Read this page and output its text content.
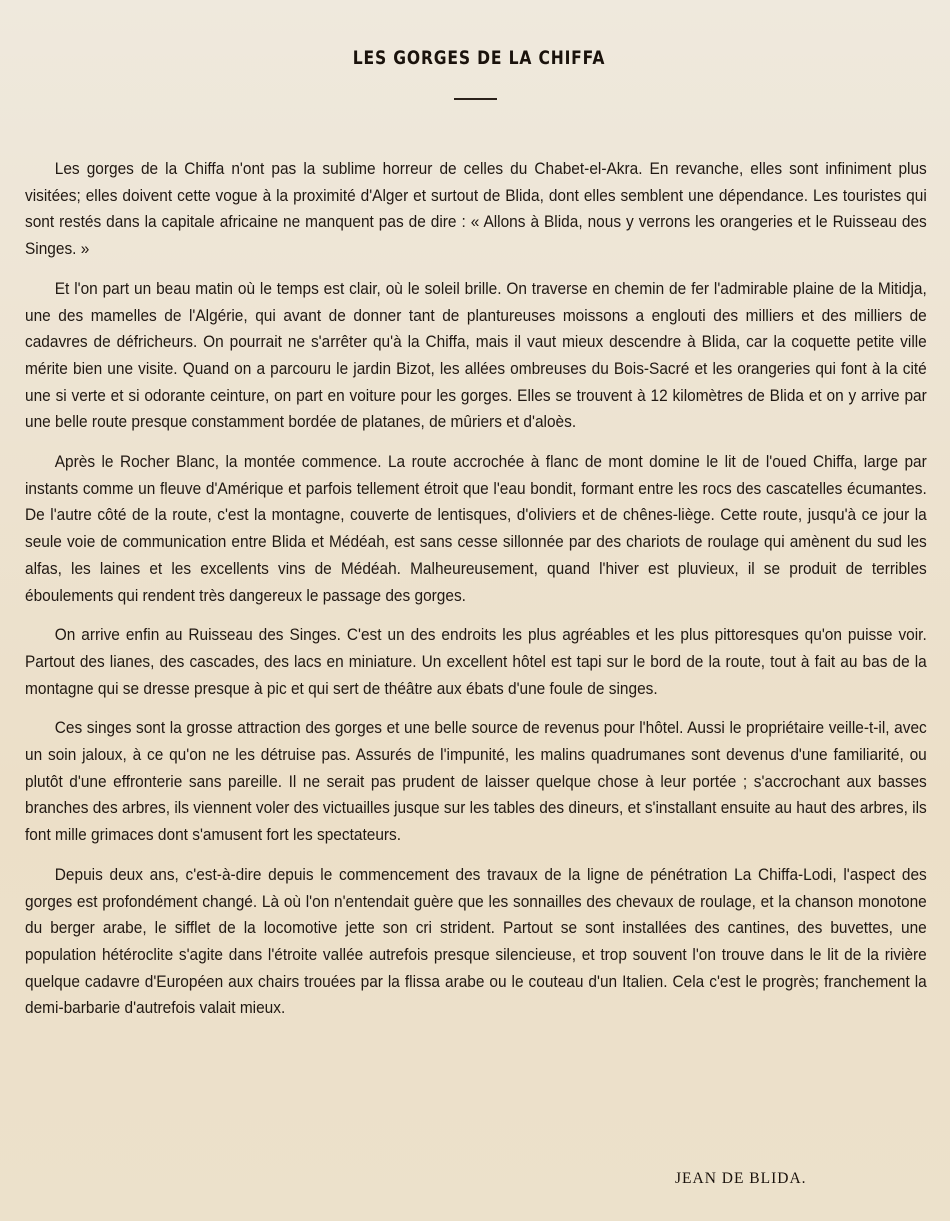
LES GORGES DE LA CHIFFA

Les gorges de la Chiffa n'ont pas la sublime horreur de celles du Chabet-el-Akra. En revanche, elles sont infiniment plus visitées; elles doivent cette vogue à la proximité d'Alger et surtout de Blida, dont elles semblent une dépendance. Les touristes qui sont restés dans la capitale africaine ne manquent pas de dire : « Allons à Blida, nous y verrons les orangeries et le Ruisseau des Singes. »

Et l'on part un beau matin où le temps est clair, où le soleil brille. On traverse en chemin de fer l'admirable plaine de la Mitidja, une des mamelles de l'Algérie, qui avant de donner tant de plantureuses moissons a englouti des milliers et des milliers de cadavres de défricheurs. On pourrait ne s'arrêter qu'à la Chiffa, mais il vaut mieux descendre à Blida, car la coquette petite ville mérite bien une visite. Quand on a parcouru le jardin Bizot, les allées ombreuses du Bois-Sacré et les orangeries qui font à la cité une si verte et si odorante ceinture, on part en voiture pour les gorges. Elles se trouvent à 12 kilomètres de Blida et on y arrive par une belle route presque constamment bordée de platanes, de mûriers et d'aloès.

Après le Rocher Blanc, la montée commence. La route accrochée à flanc de mont domine le lit de l'oued Chiffa, large par instants comme un fleuve d'Amérique et parfois tellement étroit que l'eau bondit, formant entre les rocs des cascatelles écumantes. De l'autre côté de la route, c'est la montagne, couverte de lentisques, d'oliviers et de chênes-liège. Cette route, jusqu'à ce jour la seule voie de communication entre Blida et Médéah, est sans cesse sillonnée par des chariots de roulage qui amènent du sud les alfas, les laines et les excellents vins de Médéah. Malheureusement, quand l'hiver est pluvieux, il se produit de terribles éboulements qui rendent très dangereux le passage des gorges.

On arrive enfin au Ruisseau des Singes. C'est un des endroits les plus agréables et les plus pittoresques qu'on puisse voir. Partout des lianes, des cascades, des lacs en miniature. Un excellent hôtel est tapi sur le bord de la route, tout à fait au bas de la montagne qui se dresse presque à pic et qui sert de théâtre aux ébats d'une foule de singes.

Ces singes sont la grosse attraction des gorges et une belle source de revenus pour l'hôtel. Aussi le propriétaire veille-t-il, avec un soin jaloux, à ce qu'on ne les détruise pas. Assurés de l'impunité, les malins quadrumanes sont devenus d'une familiarité, ou plutôt d'une effronterie sans pareille. Il ne serait pas prudent de laisser quelque chose à leur portée ; s'accrochant aux basses branches des arbres, ils viennent voler des victuailles jusque sur les tables des dineurs, et s'installant ensuite au haut des arbres, ils font mille grimaces dont s'amusent fort les spectateurs.

Depuis deux ans, c'est-à-dire depuis le commencement des travaux de la ligne de pénétration La Chiffa-Lodi, l'aspect des gorges est profondément changé. Là où l'on n'entendait guère que les sonnailles des chevaux de roulage, et la chanson monotone du berger arabe, le sifflet de la locomotive jette son cri strident. Partout se sont installées des cantines, des buvettes, une population hétéroclite s'agite dans l'étroite vallée autrefois presque silencieuse, et trop souvent l'on trouve dans le lit de la rivière quelque cadavre d'Européen aux chairs trouées par la flissa arabe ou le couteau d'un Italien. Cela c'est le progrès; franchement la demi-barbarie d'autrefois valait mieux.

JEAN DE BLIDA.
